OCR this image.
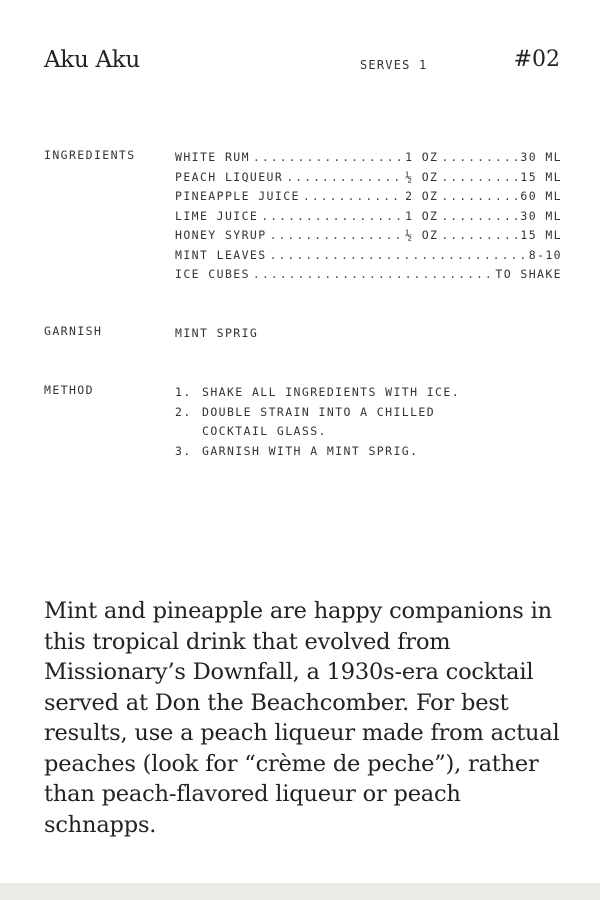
Aku Aku	SERVES 1	#02
INGREDIENTS	WHITE RUM .....	1 OZ .....	30 ML
PEACH LIQUEUR .....	½ OZ .....	15 ML
PINEAPPLE JUICE .....	2 OZ .....	60 ML
LIME JUICE .....	1 OZ .....	30 ML
HONEY SYRUP .....	½ OZ .....	15 ML
MINT LEAVES .....	8-10
ICE CUBES .....	TO SHAKE
GARNISH	MINT SPRIG
METHOD	1. SHAKE ALL INGREDIENTS WITH ICE.
2. DOUBLE STRAIN INTO A CHILLED COCKTAIL GLASS.
3. GARNISH WITH A MINT SPRIG.
Mint and pineapple are happy companions in this tropical drink that evolved from Missionary’s Downfall, a 1930s-era cocktail served at Don the Beachcomber. For best results, use a peach liqueur made from actual peaches (look for “crème de peche”), rather than peach-flavored liqueur or peach schnapps.
